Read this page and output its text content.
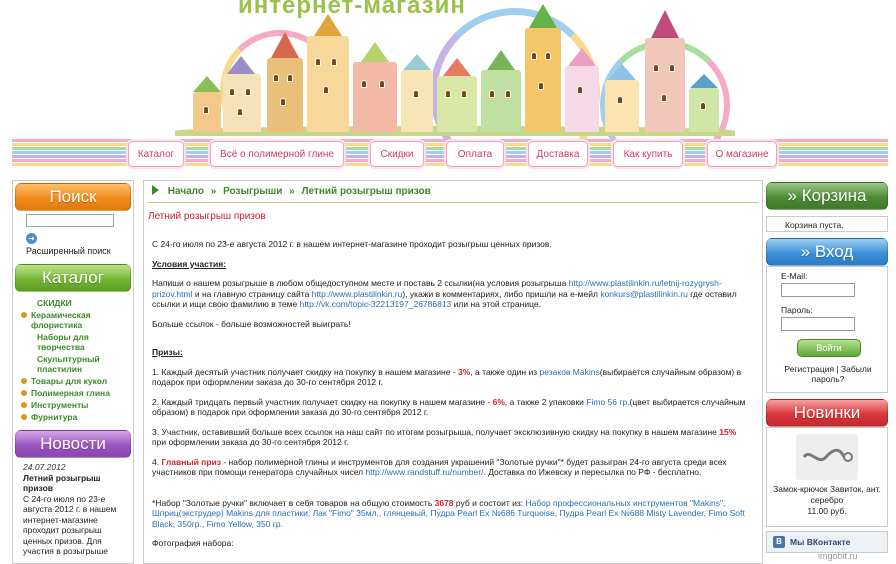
интернет-магазин
Каталог	Всё о полимерной глине	Скидки	Оплата	Доставка	Как купить	О магазине
Поиск
➜
Расширенный поиск
Каталог
СКИДКИ
Керамическая флористика
Наборы для творчества
Скульптурный пластилин
Товары для кукол
Полимерная глина
Инструменты
Фурнитура
Новости
24.07.2012
Летний розыгрыш призов
С 24-го июля по 23-е августа 2012 г. в нашем интернет-магазине проходит розыгрыш ценных призов. Для участия в розыгрыше
Начало » Розыгрыши » Летний розыгрыш призов
Летний розыгрыш призов

С 24-го июля по 23-е августа 2012 г. в нашем интернет-магазине проходит розыгрыш ценных призов.

Условия участия:

Напиши о нашем розыгрыше в любом общедоступном месте и поставь 2 ссылки(на условия розыгрыша http://www.plastilinkin.ru/letnij-rozygrysh-prizov.html и на главную страницу сайта http://www.plastilinkin.ru), укажи в комментариях, либо пришли на е-мейл konkurs@plastilinkin.ru где оставил ссылки и ищи свою фамилию в теме http://vk.com/topic-32213197_26786813 или на этой странице.

Больше ссылок - больше возможностей выиграть!

Призы:

1. Каждый десятый участник получает скидку на покупку в нашем магазине - 3%, а также один из резаков Makins(выбирается случайным образом) в подарок при оформлении заказа до 30-го сентября 2012 г.

2. Каждый тридцать первый участник получает скидку на покупку в нашем магазине - 6%, а также 2 упаковки Fimo 56 гр.(цвет выбирается случайным образом) в подарок при оформлении заказа до 30-го сентября 2012 г.

3. Участник, оставивший больше всех ссылок на наш сайт по итогам розыгрыша, получает эксклюзивную скидку на покупку в нашем магазине 15% при оформлении заказа до 30-го сентября 2012 г.

4. Главный приз - набор полимерной глины и инструментов для создания украшений "Золотые ручки"* будет разыгран 24-го августа среди всех участников при помощи генератора случайных чисел http://www.randstuff.ru/number/. Доставка по Ижевску и пересылка по РФ - бесплатно.

*Набор "Золотые ручки" включает в себя товаров на общую стоимость 3678 руб и состоит из: Набор профессиональных инструментов "Makins", Шприц(экструдер) Makins для пластики, Лак "Fimo" 35мл., глянцевый, Пудра Pearl Ex №686 Turquoise, Пудра Pearl Ex №688 Misty Lavender, Fimo Soft Black, 350гр., Fimo Yellow, 350 гр.

Фотография набора:

» Корзина
Корзина пуста.
» Вход
E-Mail:
Пароль:
Войти
Регистрация | Забыли пароль?
Новинки
Замок-крючок Завиток, ант. серебро
11.00 руб.
B Мы ВКонтакте
imgobit.ru
